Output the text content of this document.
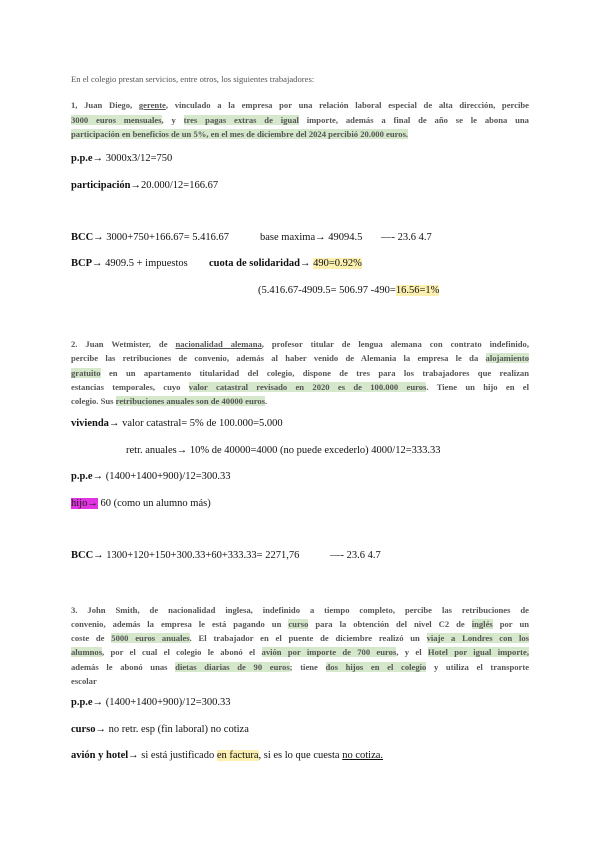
En el colegio prestan servicios, entre otros, los siguientes trabajadores:
1, Juan Diego, gerente, vinculado a la empresa por una relación laboral especial de alta dirección, percibe
3000 euros mensuales, y tres pagas extras de igual importe, además a final de año se le abona una
participación en beneficios de un 5%, en el mes de diciembre del 2024 percibió 20.000 euros.
p.p.e→ 3000x3/12=750
participación→20.000/12=166.67
BCC→ 3000+750+166.67= 5.416.67	base maxima→ 49094.5 —- 23.6 4.7
BCP→ 4909.5 + impuestos cuota de solidaridad→ 490=0.92%
(5.416.67-4909.5= 506.97 -490=16.56=1%
2. Juan Wetmister, de nacionalidad alemana, profesor titular de lengua alemana con contrato indefinido,
percibe las retribuciones de convenio, además al haber venido de Alemania la empresa le da alojamiento
gratuito en un apartamento titularidad del colegio, dispone de tres para los trabajadores que realizan
estancias temporales, cuyo valor catastral revisado en 2020 es de 100.000 euros. Tiene un hijo en el
colegio. Sus retribuciones anuales son de 40000 euros.
vivienda→ valor catastral= 5% de 100.000=5.000
retr. anuales→ 10% de 40000=4000 (no puede excederlo) 4000/12=333.33
p.p.e→ (1400+1400+900)/12=300.33
hijo→ 60 (como un alumno más)
BCC→ 1300+120+150+300.33+60+333.33= 2271,76	—- 23.6 4.7
3. John Smith, de nacionalidad inglesa, indefinido a tiempo completo, percibe las retribuciones de
convenio, además la empresa le está pagando un curso para la obtención del nivel C2 de inglés por un
coste de 5000 euros anuales. El trabajador en el puente de diciembre realizó un viaje a Londres con los
alumnos, por el cual el colegio le abonó el avión por importe de 700 euros, y el Hotel por igual importe,
además le abonó unas dietas diarias de 90 euros; tiene dos hijos en el colegio y utiliza el transporte
escolar
p.p.e→ (1400+1400+900)/12=300.33
curso→ no retr. esp (fin laboral) no cotiza
avión y hotel→ si está justificado en factura, si es lo que cuesta no cotiza.
